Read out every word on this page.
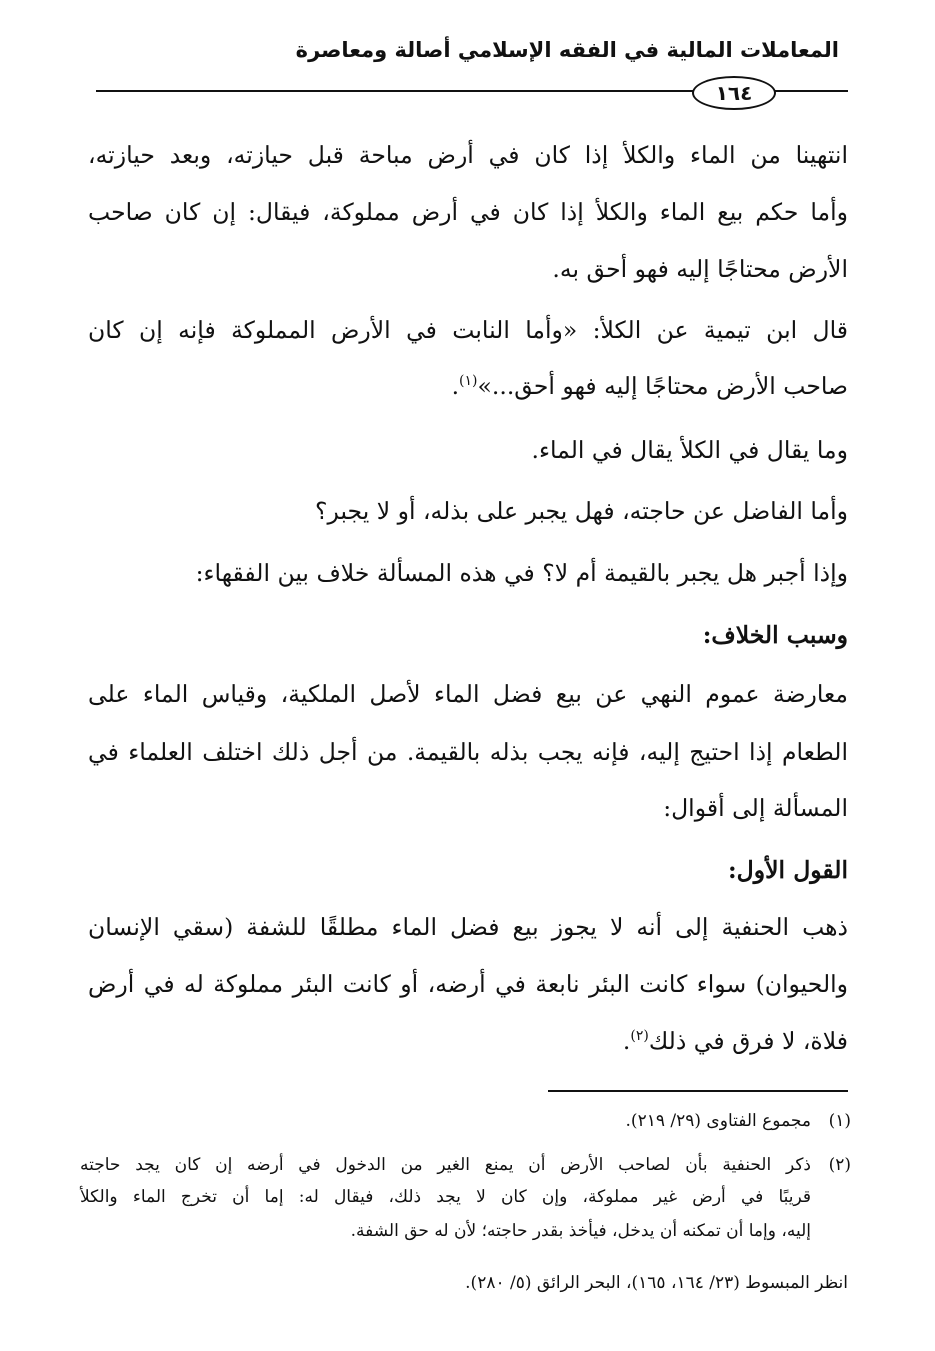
المعاملات المالية في الفقه الإسلامي أصالة ومعاصرة
١٦٤
انتهينا من الماء والكلأ إذا كان في أرض مباحة قبل حيازته، وبعد حيازته،
وأما حكم بيع الماء والكلأ إذا كان في أرض مملوكة، فيقال: إن كان صاحب
الأرض محتاجًا إليه فهو أحق به.
قال ابن تيمية عن الكلأ: «وأما النابت في الأرض المملوكة فإنه إن كان
صاحب الأرض محتاجًا إليه فهو أحق...»$^{(١)}$.
وما يقال في الكلأ يقال في الماء.
وأما الفاضل عن حاجته، فهل يجبر على بذله، أو لا يجبر؟
وإذا أجبر هل يجبر بالقيمة أم لا؟ في هذه المسألة خلاف بين الفقهاء:
وسبب الخلاف:
معارضة عموم النهي عن بيع فضل الماء لأصل الملكية، وقياس الماء على
الطعام إذا احتيج إليه، فإنه يجب بذله بالقيمة. من أجل ذلك اختلف العلماء في
المسألة إلى أقوال:
القول الأول:
ذهب الحنفية إلى أنه لا يجوز بيع فضل الماء مطلقًا للشفة (سقي الإنسان
والحيوان) سواء كانت البئر نابعة في أرضه، أو كانت البئر مملوكة له في أرض
فلاة، لا فرق في ذلك$^{(٢)}$.
(١)
مجموع الفتاوى (٢٩/ ٢١٩).
(٢)
ذكر الحنفية بأن لصاحب الأرض أن يمنع الغير من الدخول في أرضه إن كان يجد حاجته
قريبًا في أرض غير مملوكة، وإن كان لا يجد ذلك، فيقال له: إما أن تخرج الماء والكلأ
إليه، وإما أن تمكنه أن يدخل، فيأخذ بقدر حاجته؛ لأن له حق الشفة.
انظر المبسوط (٢٣/ ١٦٤، ١٦٥)، البحر الرائق (٥/ ٢٨٠).
